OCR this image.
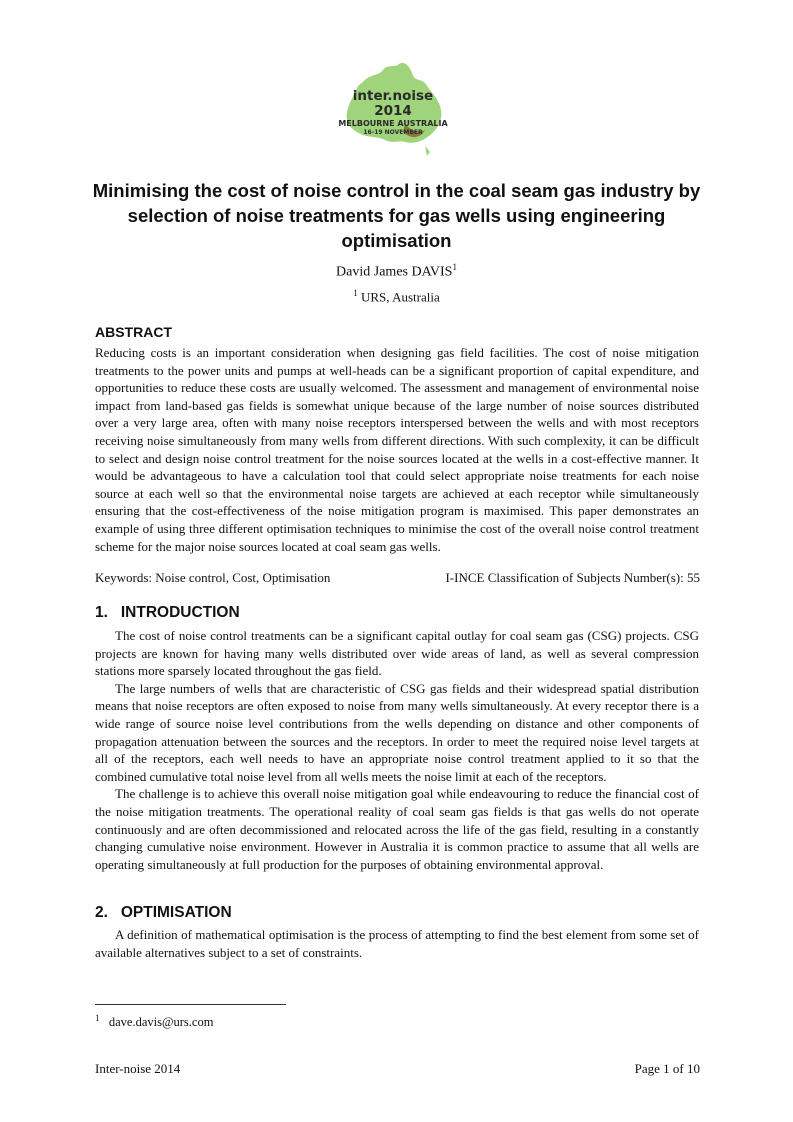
inter.noise 2014
MELBOURNE AUSTRALIA
16-19 NOVEMBER
Minimising the cost of noise control in the coal seam gas industry by
selection of noise treatments for gas wells using engineering
optimisation
David James DAVIS$^1$
$^1$ URS, Australia
ABSTRACT

Reducing costs is an important consideration when designing gas field facilities. The cost of noise mitigation treatments to the power units and pumps at well-heads can be a significant proportion of capital expenditure, and opportunities to reduce these costs are usually welcomed. The assessment and management of environmental noise impact from land-based gas fields is somewhat unique because of the large number of noise sources distributed over a very large area, often with many noise receptors interspersed between the wells and with most receptors receiving noise simultaneously from many wells from different directions. With such complexity, it can be difficult to select and design noise control treatment for the noise sources located at the wells in a cost-effective manner. It would be advantageous to have a calculation tool that could select appropriate noise treatments for each noise source at each well so that the environmental noise targets are achieved at each receptor while simultaneously ensuring that the cost-effectiveness of the noise mitigation program is maximised. This paper demonstrates an example of using three different optimisation techniques to minimise the cost of the overall noise control treatment scheme for the major noise sources located at coal seam gas wells.

Keywords: Noise control, Cost, Optimisation	I-INCE Classification of Subjects Number(s): 55
1.   INTRODUCTION

The cost of noise control treatments can be a significant capital outlay for coal seam gas (CSG) projects. CSG projects are known for having many wells distributed over wide areas of land, as well as several compression stations more sparsely located throughout the gas field.

The large numbers of wells that are characteristic of CSG gas fields and their widespread spatial distribution means that noise receptors are often exposed to noise from many wells simultaneously. At every receptor there is a wide range of source noise level contributions from the wells depending on distance and other components of propagation attenuation between the sources and the receptors. In order to meet the required noise level targets at all of the receptors, each well needs to have an appropriate noise control treatment applied to it so that the combined cumulative total noise level from all wells meets the noise limit at each of the receptors.

The challenge is to achieve this overall noise mitigation goal while endeavouring to reduce the financial cost of the noise mitigation treatments. The operational reality of coal seam gas fields is that gas wells do not operate continuously and are often decommissioned and relocated across the life of the gas field, resulting in a constantly changing cumulative noise environment. However in Australia it is common practice to assume that all wells are operating simultaneously at full production for the purposes of obtaining environmental approval.

2.   OPTIMISATION

A definition of mathematical optimisation is the process of attempting to find the best element from some set of available alternatives subject to a set of constraints.

$^1$   dave.davis@urs.com
Inter-noise 2014	Page 1 of 10
